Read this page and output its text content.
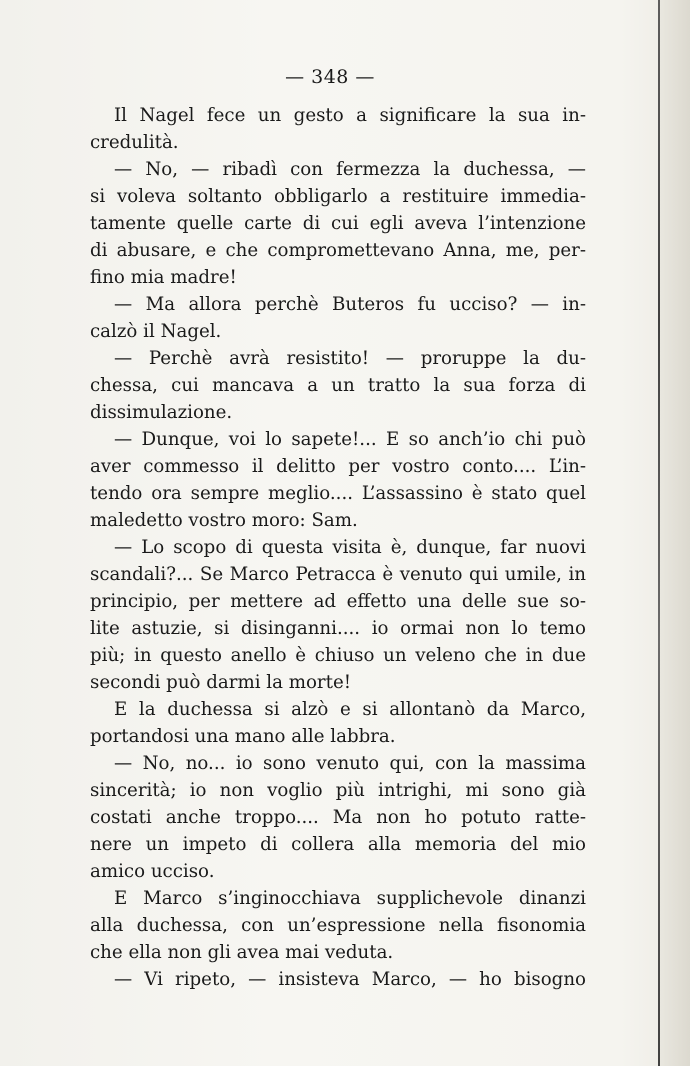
— 348 —
Il Nagel fece un gesto a significare la sua in-
credulità.
— No, — ribadì con fermezza la duchessa, —
si voleva soltanto obbligarlo a restituire immedia-
tamente quelle carte di cui egli aveva l’intenzione
di abusare, e che compromettevano Anna, me, per-
fino mia madre!
— Ma allora perchè Buteros fu ucciso? — in-
calzò il Nagel.
— Perchè avrà resistito! — proruppe la du-
chessa, cui mancava a un tratto la sua forza di
dissimulazione.
— Dunque, voi lo sapete!... E so anch’io chi può
aver commesso il delitto per vostro conto.... L’in-
tendo ora sempre meglio.... L’assassino è stato quel
maledetto vostro moro: Sam.
— Lo scopo di questa visita è, dunque, far nuovi
scandali?... Se Marco Petracca è venuto qui umile, in
principio, per mettere ad effetto una delle sue so-
lite astuzie, si disinganni.... io ormai non lo temo
più; in questo anello è chiuso un veleno che in due
secondi può darmi la morte!
E la duchessa si alzò e si allontanò da Marco,
portandosi una mano alle labbra.
— No, no... io sono venuto qui, con la massima
sincerità; io non voglio più intrighi, mi sono già
costati anche troppo.... Ma non ho potuto ratte-
nere un impeto di collera alla memoria del mio
amico ucciso.
E Marco s’inginocchiava supplichevole dinanzi
alla duchessa, con un’espressione nella fisonomia
che ella non gli avea mai veduta.
— Vi ripeto, — insisteva Marco, — ho bisogno
